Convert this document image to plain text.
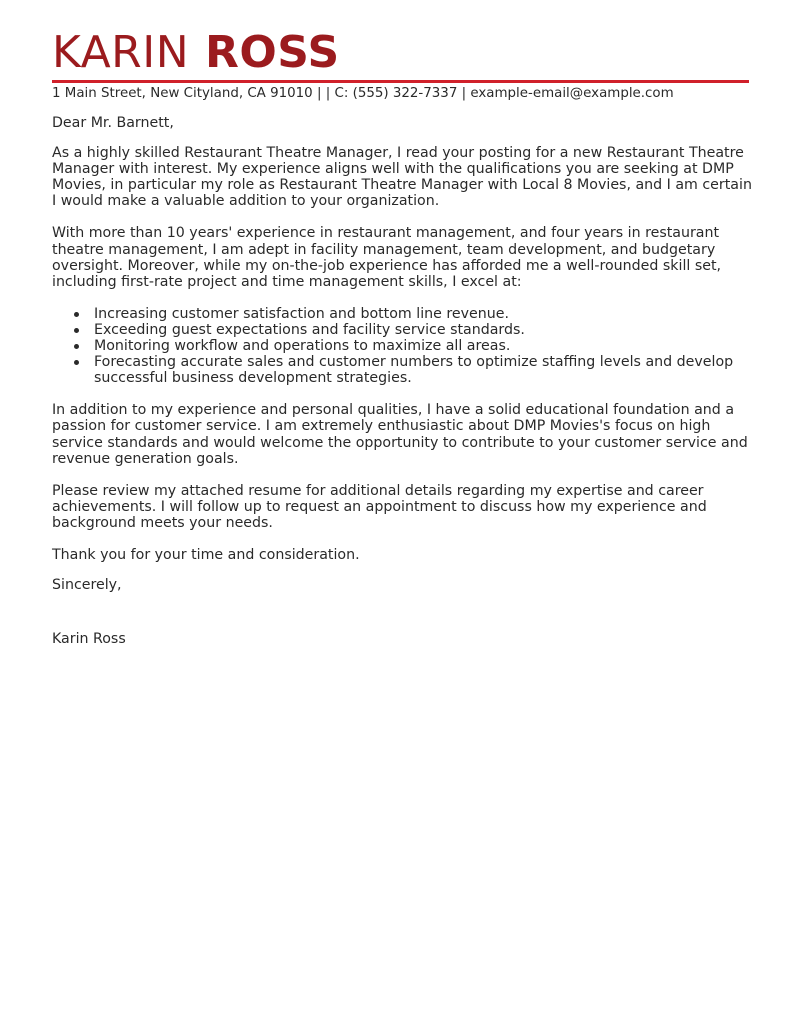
KARIN ROSS
1 Main Street, New Cityland, CA 91010 | | C: (555) 322-7337 | example-email@example.com

Dear Mr. Barnett,

As a highly skilled Restaurant Theatre Manager, I read your posting for a new Restaurant Theatre Manager with interest. My experience aligns well with the qualifications you are seeking at DMP Movies, in particular my role as Restaurant Theatre Manager with Local 8 Movies, and I am certain I would make a valuable addition to your organization.

With more than 10 years' experience in restaurant management, and four years in restaurant theatre management, I am adept in facility management, team development, and budgetary oversight. Moreover, while my on-the-job experience has afforded me a well-rounded skill set, including first-rate project and time management skills, I excel at:

Increasing customer satisfaction and bottom line revenue.
Exceeding guest expectations and facility service standards.
Monitoring workflow and operations to maximize all areas.
Forecasting accurate sales and customer numbers to optimize staffing levels and develop successful business development strategies.

In addition to my experience and personal qualities, I have a solid educational foundation and a passion for customer service. I am extremely enthusiastic about DMP Movies's focus on high service standards and would welcome the opportunity to contribute to your customer service and revenue generation goals.

Please review my attached resume for additional details regarding my expertise and career achievements. I will follow up to request an appointment to discuss how my experience and background meets your needs.

Thank you for your time and consideration.

Sincerely,

Karin Ross
